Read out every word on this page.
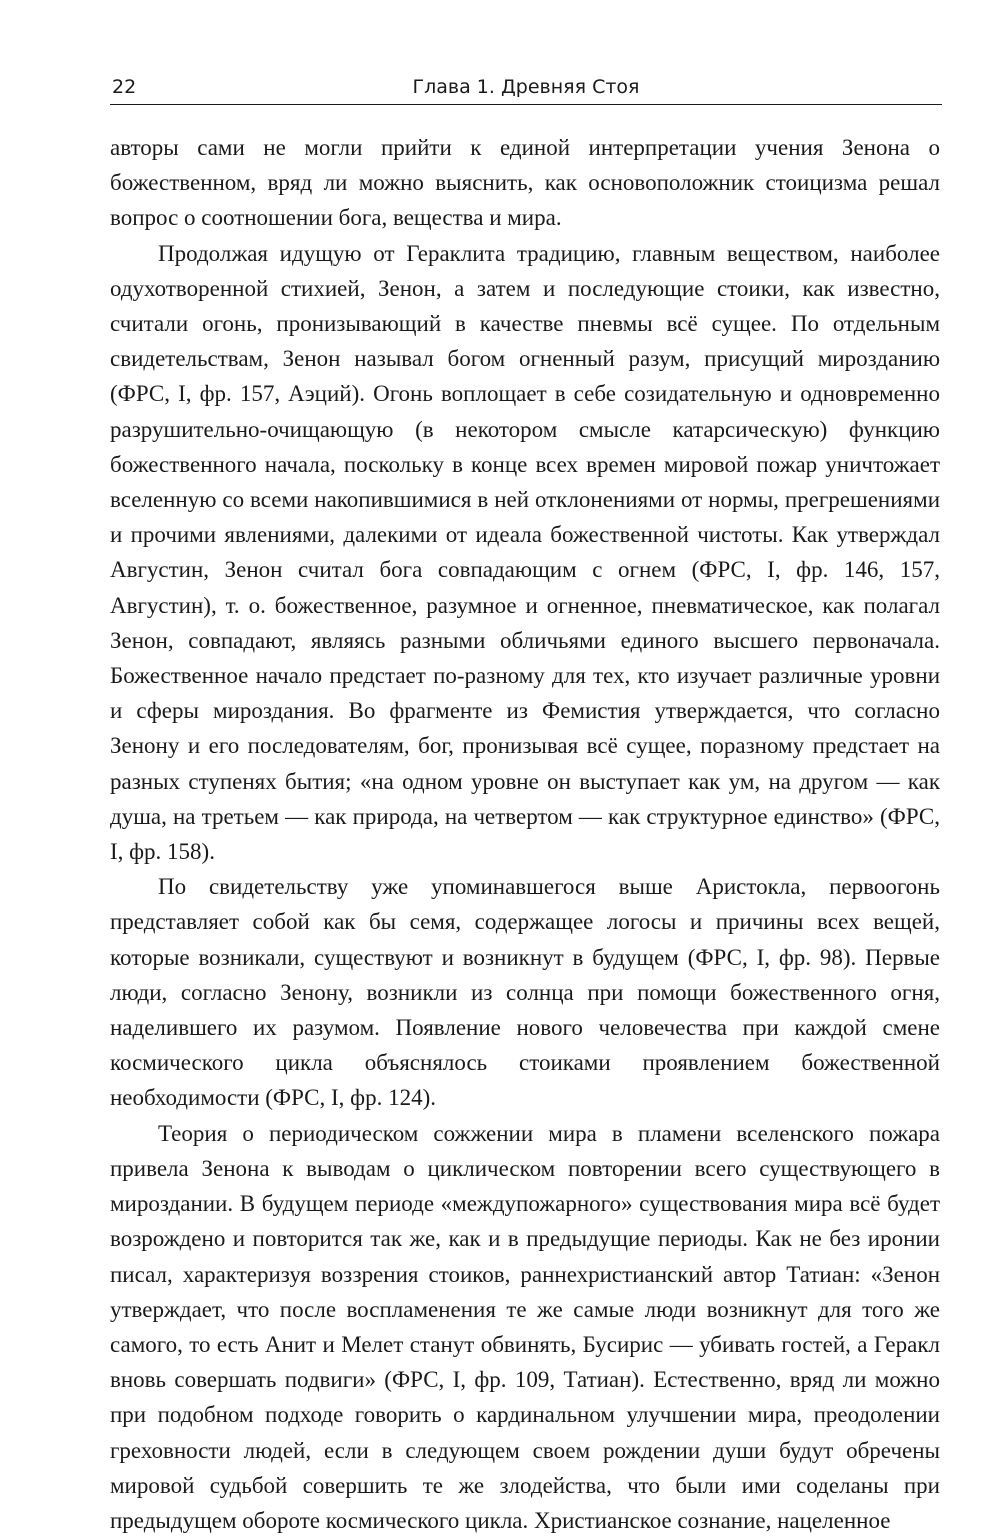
22	Глава 1. Древняя Стоя

авторы сами не могли прийти к единой интерпретации учения Зенона о божественном, вряд ли можно выяснить, как основоположник стоицизма решал вопрос о соотношении бога, вещества и мира.

Продолжая идущую от Гераклита традицию, главным веществом, наиболее одухотворенной стихией, Зенон, а затем и последующие стоики, как известно, считали огонь, пронизывающий в качестве пневмы всё сущее. По отдельным свидетельствам, Зенон называл богом огненный разум, присущий мирозданию (ФРС, I, фр. 157, Аэций). Огонь воплощает в себе созидательную и одновременно разрушительно-очищающую (в некотором смысле катарсическую) функцию божественного начала, поскольку в конце всех времен мировой пожар уничтожает вселенную со всеми накопившимися в ней отклонениями от нормы, прегрешениями и прочими явлениями, далекими от идеала божественной чистоты. Как утверждал Августин, Зенон считал бога совпадающим с огнем (ФРС, I, фр. 146, 157, Августин), т. о. божественное, разумное и огненное, пневматическое, как полагал Зенон, совпадают, являясь разными обличьями единого высшего первоначала. Божественное начало предстает по-разному для тех, кто изучает различные уровни и сферы мироздания. Во фрагменте из Фемистия утверждается, что согласно Зенону и его последователям, бог, пронизывая всё сущее, поразному предстает на разных ступенях бытия; «на одном уровне он выступает как ум, на другом — как душа, на третьем — как природа, на четвертом — как структурное единство» (ФРС, I, фр. 158).

По свидетельству уже упоминавшегося выше Аристокла, первоогонь представляет собой как бы семя, содержащее логосы и причины всех вещей, которые возникали, существуют и возникнут в будущем (ФРС, I, фр. 98). Первые люди, согласно Зенону, возникли из солнца при помощи божественного огня, наделившего их разумом. Появление нового человечества при каждой смене космического цикла объяснялось стоиками проявлением божественной необходимости (ФРС, I, фр. 124).

Теория о периодическом сожжении мира в пламени вселенского пожара привела Зенона к выводам о циклическом повторении всего существующего в мироздании. В будущем периоде «междупожарного» существования мира всё будет возрождено и повторится так же, как и в предыдущие периоды. Как не без иронии писал, характеризуя воззрения стоиков, раннехристианский автор Татиан: «Зенон утверждает, что после воспламенения те же самые люди возникнут для того же самого, то есть Анит и Мелет станут обвинять, Бусирис — убивать гостей, а Геракл вновь совершать подвиги» (ФРС, I, фр. 109, Татиан). Естественно, вряд ли можно при подобном подходе говорить о кардинальном улучшении мира, преодолении греховности людей, если в следующем своем рождении души будут обречены мировой судьбой совершить те же злодейства, что были ими соделаны при предыдущем обороте космического цикла. Христианское сознание, нацеленное
